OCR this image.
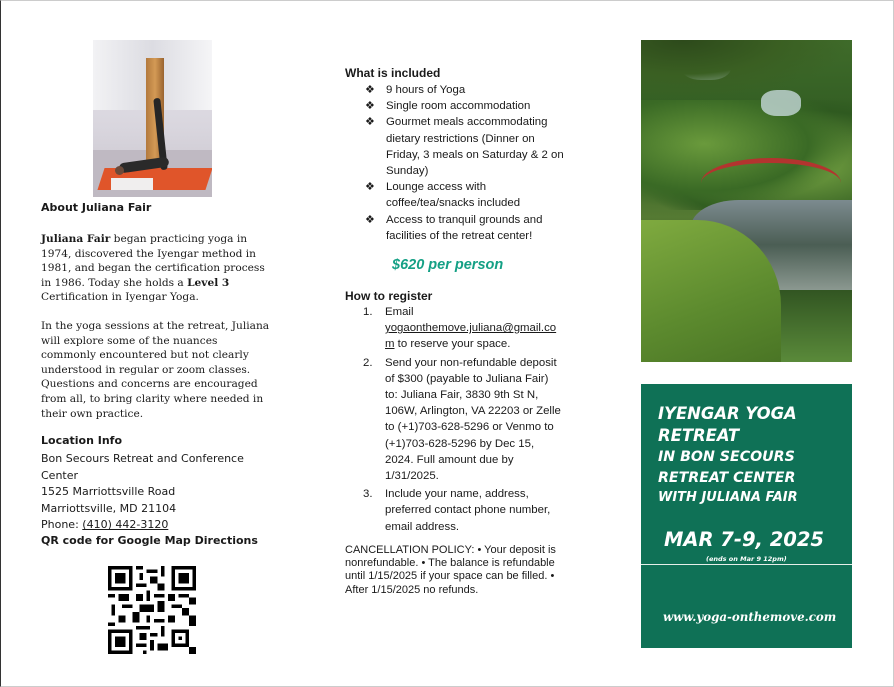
About Juliana Fair

Juliana Fair began practicing yoga in 1974, discovered the Iyengar method in 1981, and began the certification process in 1986. Today she holds a Level 3 Certification in Iyengar Yoga.

In the yoga sessions at the retreat, Juliana will explore some of the nuances commonly encountered but not clearly understood in regular or zoom classes. Questions and concerns are encouraged from all, to bring clarity where needed in their own practice.

Location Info
Bon Secours Retreat and Conference Center
1525 Marriottsville Road
Marriottsville, MD 21104
Phone: (410) 442-3120
QR code for Google Map Directions
What is included
❖ 9 hours of Yoga
❖ Single room accommodation
❖ Gourmet meals accommodating dietary restrictions (Dinner on Friday, 3 meals on Saturday & 2 on Sunday)
❖ Lounge access with coffee/tea/snacks included
❖ Access to tranquil grounds and facilities of the retreat center!
$620 per person
How to register
1. Email
yogaonthemove.juliana@gmail.com to reserve your space.
2. Send your non-refundable deposit of $300 (payable to Juliana Fair) to: Juliana Fair, 3830 9th St N, 106W, Arlington, VA 22203 or Zelle to (+1)703-628-5296 or Venmo to (+1)703-628-5296 by Dec 15, 2024. Full amount due by 1/31/2025.
3. Include your name, address, preferred contact phone number, email address.

CANCELLATION POLICY: • Your deposit is nonrefundable. • The balance is refundable until 1/15/2025 if your space can be filled. • After 1/15/2025 no refunds.

IYENGAR YOGA
RETREAT
IN BON SECOURS
RETREAT CENTER
WITH JULIANA FAIR

MAR 7-9, 2025
(ends on Mar 9 12pm)
www.yoga-onthemove.com
